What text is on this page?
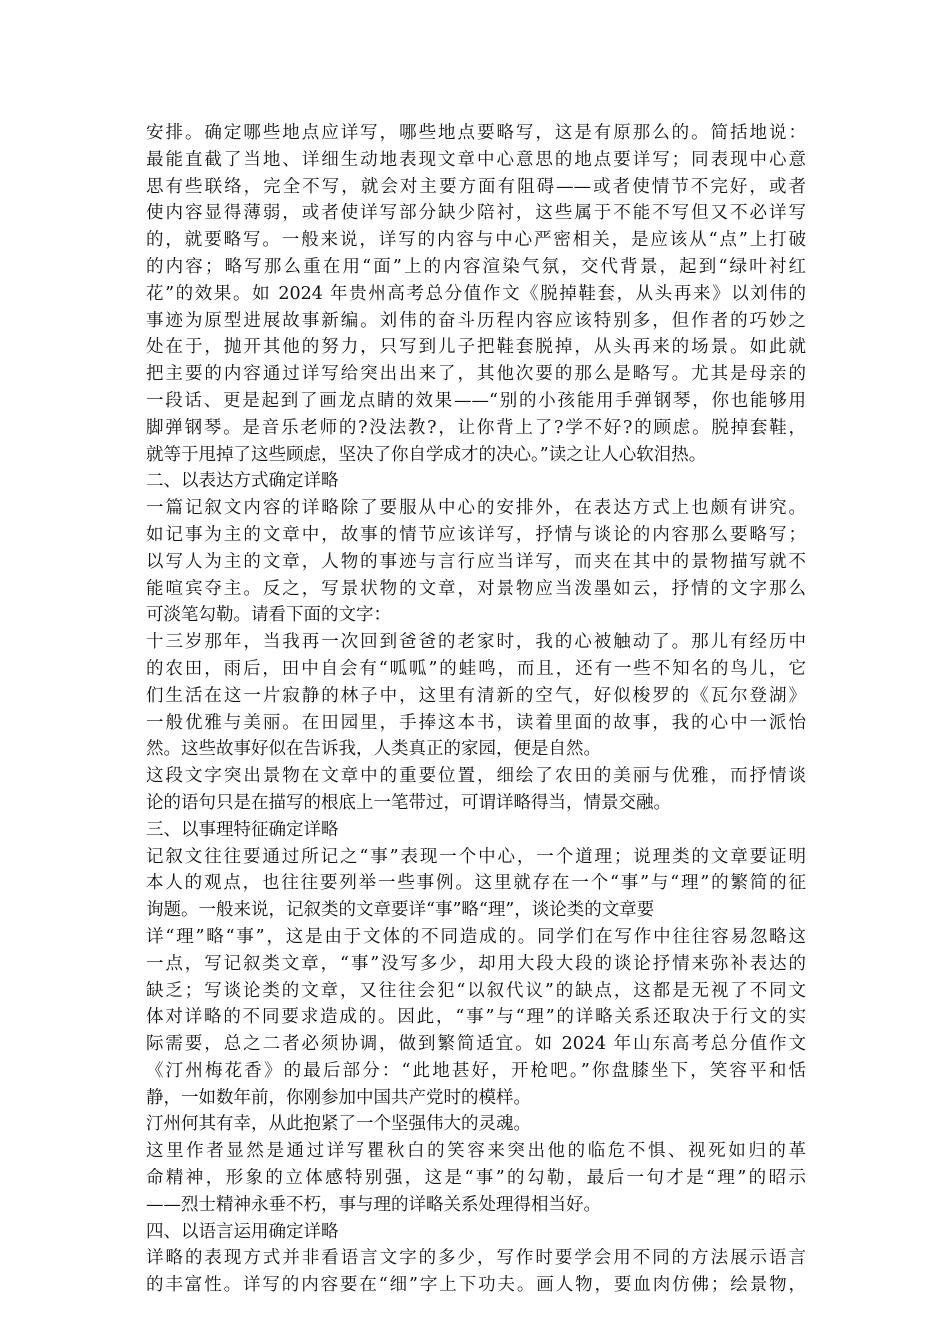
安排。确定哪些地点应详写，哪些地点要略写，这是有原那么的。简括地说：
最能直截了当地、详细生动地表现文章中心意思的地点要详写；同表现中心意
思有些联络，完全不写，就会对主要方面有阻碍——或者使情节不完好，或者
使内容显得薄弱，或者使详写部分缺少陪衬，这些属于不能不写但又不必详写
的，就要略写。一般来说，详写的内容与中心严密相关，是应该从“点”上打破
的内容；略写那么重在用“面”上的内容渲染气氛，交代背景，起到“绿叶衬红
花”的效果。如 2024 年贵州高考总分值作文《脱掉鞋套，从头再来》以刘伟的
事迹为原型进展故事新编。刘伟的奋斗历程内容应该特别多，但作者的巧妙之
处在于，抛开其他的努力，只写到儿子把鞋套脱掉，从头再来的场景。如此就
把主要的内容通过详写给突出出来了，其他次要的那么是略写。尤其是母亲的
一段话、更是起到了画龙点睛的效果——“别的小孩能用手弹钢琴，你也能够用
脚弹钢琴。是音乐老师的?没法教?，让你背上了?学不好?的顾虑。脱掉套鞋，
就等于甩掉了这些顾虑，坚决了你自学成才的决心。”读之让人心软泪热。
二、以表达方式确定详略
一篇记叙文内容的详略除了要服从中心的安排外，在表达方式上也颇有讲究。
如记事为主的文章中，故事的情节应该详写，抒情与谈论的内容那么要略写；
以写人为主的文章，人物的事迹与言行应当详写，而夹在其中的景物描写就不
能喧宾夺主。反之，写景状物的文章，对景物应当泼墨如云，抒情的文字那么
可淡笔勾勒。请看下面的文字：
十三岁那年，当我再一次回到爸爸的老家时，我的心被触动了。那儿有经历中
的农田，雨后，田中自会有“呱呱”的蛙鸣，而且，还有一些不知名的鸟儿，它
们生活在这一片寂静的林子中，这里有清新的空气，好似梭罗的《瓦尔登湖》
一般优雅与美丽。在田园里，手捧这本书，读着里面的故事，我的心中一派怡
然。这些故事好似在告诉我，人类真正的家园，便是自然。
这段文字突出景物在文章中的重要位置，细绘了农田的美丽与优雅，而抒情谈
论的语句只是在描写的根底上一笔带过，可谓详略得当，情景交融。
三、以事理特征确定详略
记叙文往往要通过所记之“事”表现一个中心，一个道理；说理类的文章要证明
本人的观点，也往往要列举一些事例。这里就存在一个“事”与“理”的繁简的征
询题。一般来说，记叙类的文章要详“事”略“理”，谈论类的文章要
详“理”略“事”，这是由于文体的不同造成的。同学们在写作中往往容易忽略这
一点，写记叙类文章，“事”没写多少，却用大段大段的谈论抒情来弥补表达的
缺乏；写谈论类的文章，又往往会犯“以叙代议”的缺点，这都是无视了不同文
体对详略的不同要求造成的。因此，“事”与“理”的详略关系还取决于行文的实
际需要，总之二者必须协调，做到繁简适宜。如 2024 年山东高考总分值作文
《汀州梅花香》的最后部分：“此地甚好，开枪吧。”你盘膝坐下，笑容平和恬
静，一如数年前，你刚参加中国共产党时的模样。
汀州何其有幸，从此抱紧了一个坚强伟大的灵魂。
这里作者显然是通过详写瞿秋白的笑容来突出他的临危不惧、视死如归的革
命精神，形象的立体感特别强，这是“事”的勾勒，最后一句才是“理”的昭示
——烈士精神永垂不朽，事与理的详略关系处理得相当好。
四、以语言运用确定详略
详略的表现方式并非看语言文字的多少，写作时要学会用不同的方法展示语言
的丰富性。详写的内容要在“细”字上下功夫。画人物，要血肉仿佛；绘景物，
